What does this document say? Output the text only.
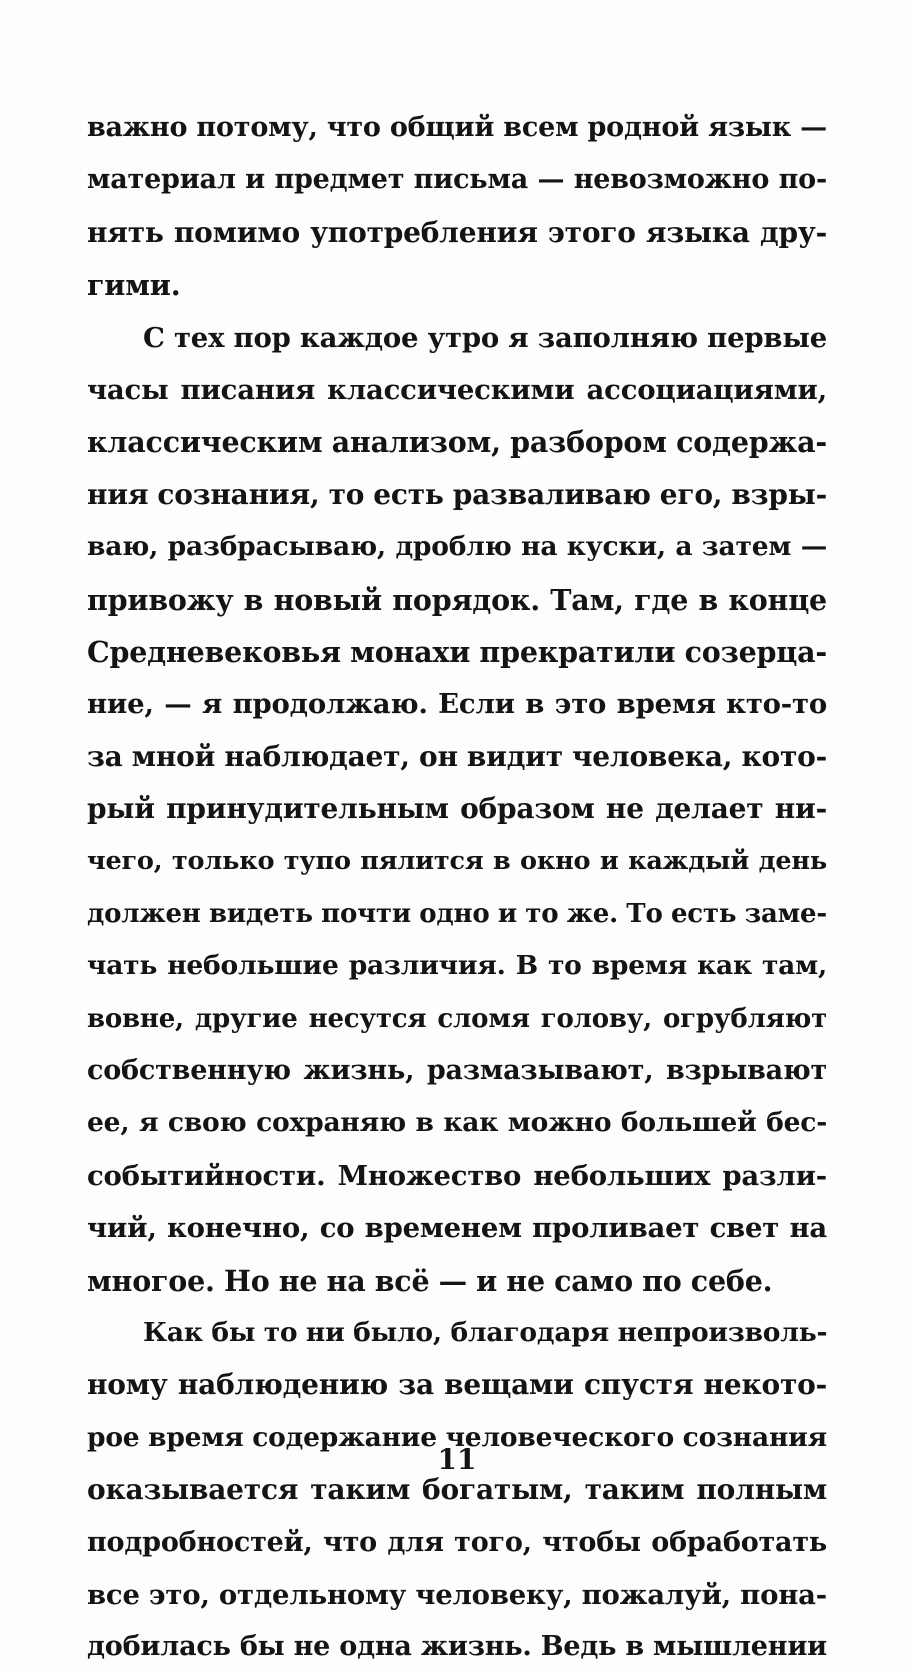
важно потому, что общий всем родной язык —
материал и предмет письма — невозможно по-
нять помимо употребления этого языка дру-
гими.
С тех пор каждое утро я заполняю первые
часы писания классическими ассоциациями,
классическим анализом, разбором содержа-
ния сознания, то есть разваливаю его, взры-
ваю, разбрасываю, дроблю на куски, а затем —
привожу в новый порядок. Там, где в конце
Средневековья монахи прекратили созерца-
ние, — я продолжаю. Если в это время кто-то
за мной наблюдает, он видит человека, кото-
рый принудительным образом не делает ни-
чего, только тупо пялится в окно и каждый день
должен видеть почти одно и то же. То есть заме-
чать небольшие различия. В то время как там,
вовне, другие несутся сломя голову, огрубляют
собственную жизнь, размазывают, взрывают
ее, я свою сохраняю в как можно большей бес-
событийности. Множество небольших разли-
чий, конечно, со временем проливает свет на
многое. Но не на всё — и не само по себе.
Как бы то ни было, благодаря непроизволь-
ному наблюдению за вещами спустя некото-
рое время содержание человеческого сознания
оказывается таким богатым, таким полным
подробностей, что для того, чтобы обработать
все это, отдельному человеку, пожалуй, пона-
добилась бы не одна жизнь. Ведь в мышлении
11
